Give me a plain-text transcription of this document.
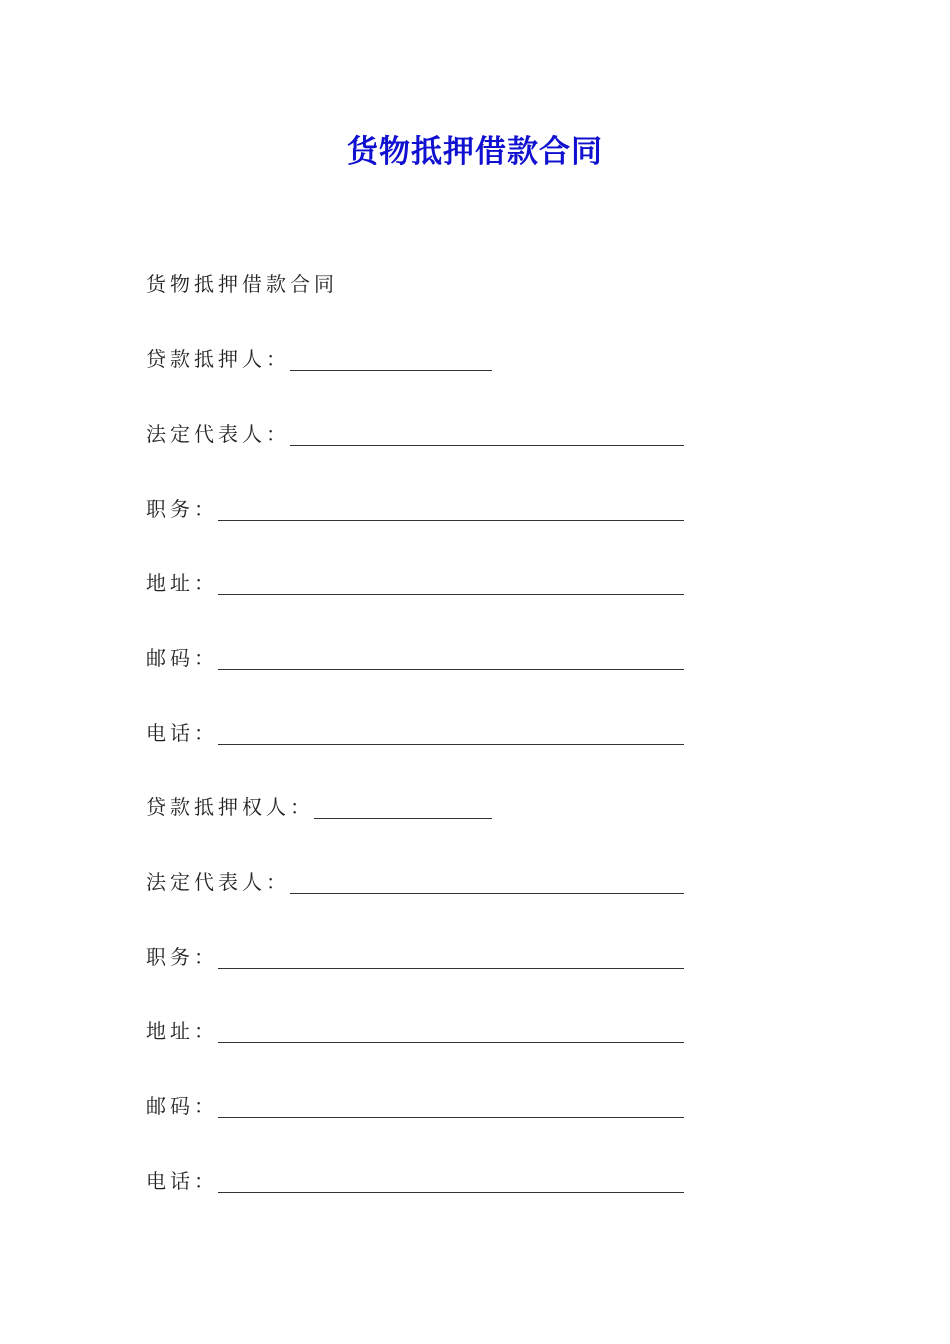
货物抵押借款合同
货物抵押借款合同
贷款抵押人：
法定代表人：
职务：
地址：
邮码：
电话：
贷款抵押权人：
法定代表人：
职务：
地址：
邮码：
电话：
